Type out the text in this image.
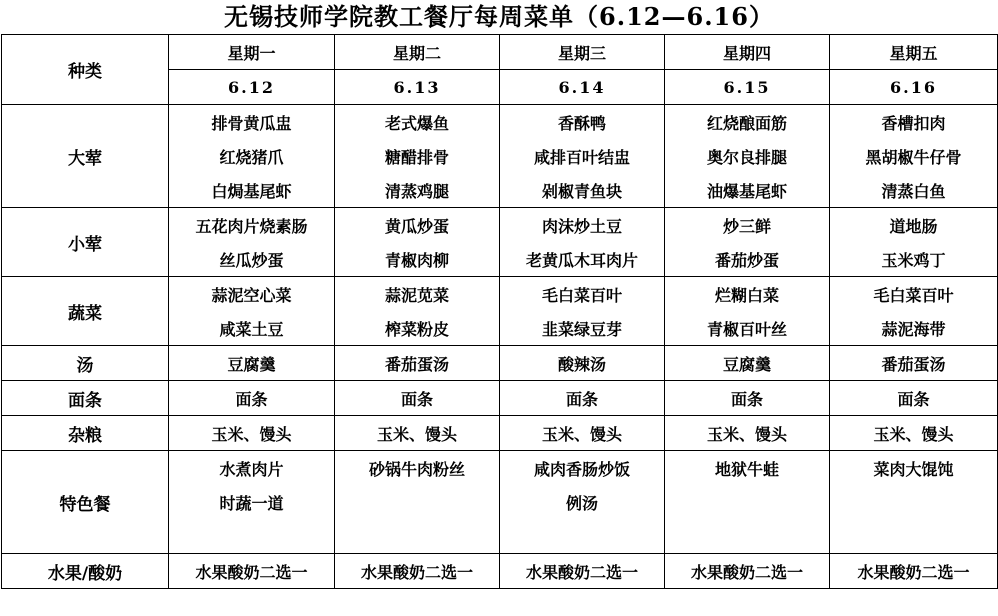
无锡技师学院教工餐厅每周菜单（6.12—6.16）
种类	星期一	星期二	星期三	星期四	星期五
	6.12	6.13	6.14	6.15	6.16
大荤	排骨黄瓜盅	老式爆鱼	香酥鸭	红烧酿面筋	香槽扣肉
	红烧猪爪	糖醋排骨	咸排百叶结盅	奥尔良排腿	黑胡椒牛仔骨
	白焗基尾虾	清蒸鸡腿	剁椒青鱼块	油爆基尾虾	清蒸白鱼
小荤	五花肉片烧素肠	黄瓜炒蛋	肉沫炒土豆	炒三鲜	道地肠
	丝瓜炒蛋	青椒肉柳	老黄瓜木耳肉片	番茄炒蛋	玉米鸡丁
蔬菜	蒜泥空心菜	蒜泥苋菜	毛白菜百叶	烂糊白菜	毛白菜百叶
	咸菜土豆	榨菜粉皮	韭菜绿豆芽	青椒百叶丝	蒜泥海带
汤	豆腐羹	番茄蛋汤	酸辣汤	豆腐羹	番茄蛋汤
面条	面条	面条	面条	面条	面条
杂粮	玉米、馒头	玉米、馒头	玉米、馒头	玉米、馒头	玉米、馒头
特色餐	水煮肉片	砂锅牛肉粉丝	咸肉香肠炒饭	地狱牛蛙	菜肉大馄饨
	时蔬一道		例汤		

水果/酸奶	水果酸奶二选一	水果酸奶二选一	水果酸奶二选一	水果酸奶二选一	水果酸奶二选一
